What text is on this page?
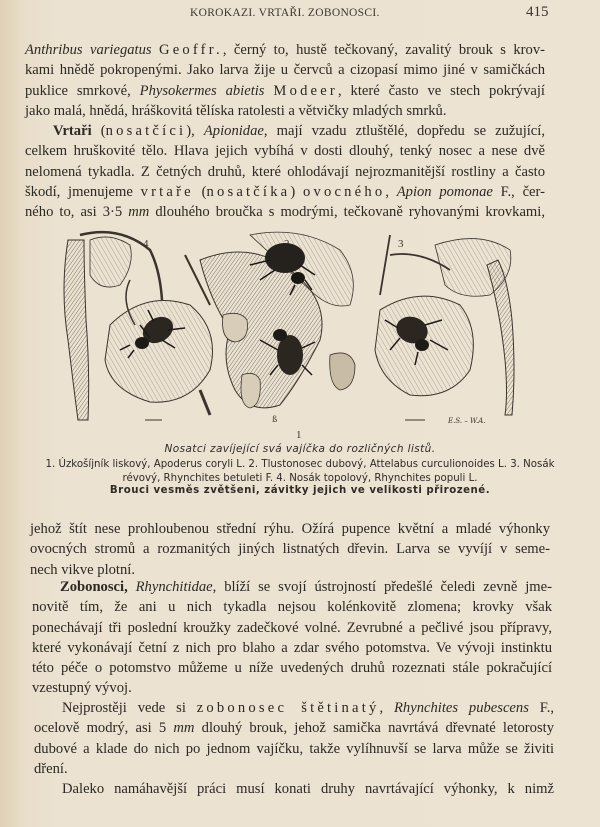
KOROKAZI. VRTAŘI. ZOBONOSCI.	415
Anthribus variegatus Geoffr., černý to, hustě tečkovaný, zavalitý brouk s krov-
kami hnědě pokropenými. Jako larva žije u červců a cizopasí mimo jiné v samičkách
puklice smrkové, Physokermes abietis Modeer, které často ve stech pokrývají
jako malá, hnědá, hráškovitá tělíska ratolesti a větvičky mladých smrků.
Vrtaři (nosatčíci), Apionidae, mají vzadu ztluštělé, dopředu se zužující,
celkem hruškovité tělo. Hlava jejich vybíhá v dosti dlouhý, tenký nosec a nese dvě
nelomená tykadla. Z četných druhů, které ohlodávají nejrozmanitější rostliny a často
škodí, jmenujeme vrtaře (nosatčíka) ovocného, Apion pomonae F., čer-
ného to, asi 3·5 mm dlouhého broučka s modrými, tečkovaně ryhovanými krovkami,
4	3
ß	E.S. – W.A.
1
Nosatci zavíjející svá vajíčka do rozličných listů.
1. Úzkošíjník liskový, Apoderus coryli L. 2. Tlustonosec dubový, Attelabus curculionoides L. 3. Nosák
révový, Rhynchites betuleti F. 4. Nosák topolový, Rhynchites populi L.
Brouci vesměs zvětšeni, závitky jejich ve velikosti přirozené.
jehož štít nese prohloubenou střední rýhu. Ožírá pupence květní a mladé výhonky
ovocných stromů a rozmanitých jiných listnatých dřevin. Larva se vyvíjí v seme-
nech vikve plotní.
Zobonosci, Rhynchitidae, blíží se svojí ústrojností předešlé čeledi zevně jme-
novitě tím, že ani u nich tykadla nejsou kolénkovitě zlomena; krovky však
ponechávají tři poslední kroužky zadečkové volné. Zevrubné a pečlivé jsou přípravy,
které vykonávají četní z nich pro blaho a zdar svého potomstva. Ve vývoji instinktu
této péče o potomstvo můžeme u níže uvedených druhů rozeznati stále pokračující
vzestupný vývoj.
Nejprostěji vede si zobonosec štětinatý, Rhynchites pubescens F.,
ocelově modrý, asi 5 mm dlouhý brouk, jehož samička navrtává dřevnaté letorosty
dubové a klade do nich po jednom vajíčku, takže vylíhnuvší se larva může se živiti
dření.
Daleko namáhavější práci musí konati druhy navrtávající výhonky, k nimž
